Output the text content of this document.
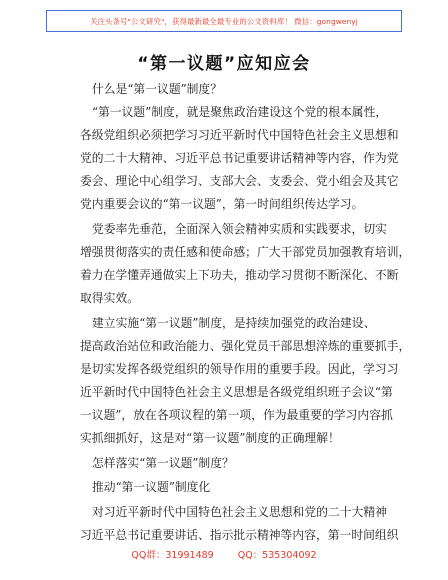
关注头条号"公文研究"，获得最新最全最专业的公文资料库！ 微信：gongwenyj
“第一议题”应知应会
什么是“第一议题”制度？
“第一议题”制度，就是聚焦政治建设这个党的根本属性，
各级党组织必须把学习习近平新时代中国特色社会主义思想和
党的二十大精神、习近平总书记重要讲话精神等内容，作为党
委会、理论中心组学习、支部大会、支委会、党小组会及其它
党内重要会议的“第一议题”，第一时间组织传达学习。
党委率先垂范，全面深入领会精神实质和实践要求，切实
增强贯彻落实的责任感和使命感；广大干部党员加强教育培训，
着力在学懂弄通做实上下功夫，推动学习贯彻不断深化、不断
取得实效。
建立实施“第一议题”制度，是持续加强党的政治建设、
提高政治站位和政治能力、强化党员干部思想淬炼的重要抓手，
是切实发挥各级党组织的领导作用的重要手段。因此，学习习
近平新时代中国特色社会主义思想是各级党组织班子会议“第
一议题”，放在各项议程的第一项，作为最重要的学习内容抓
实抓细抓好，这是对“第一议题”制度的正确理解！
怎样落实“第一议题”制度？
推动“第一议题”制度化
对习近平新时代中国特色社会主义思想和党的二十大精神
习近平总书记重要讲话、指示批示精神等内容，第一时间组织
QQ群：31991489	QQ：535304092
